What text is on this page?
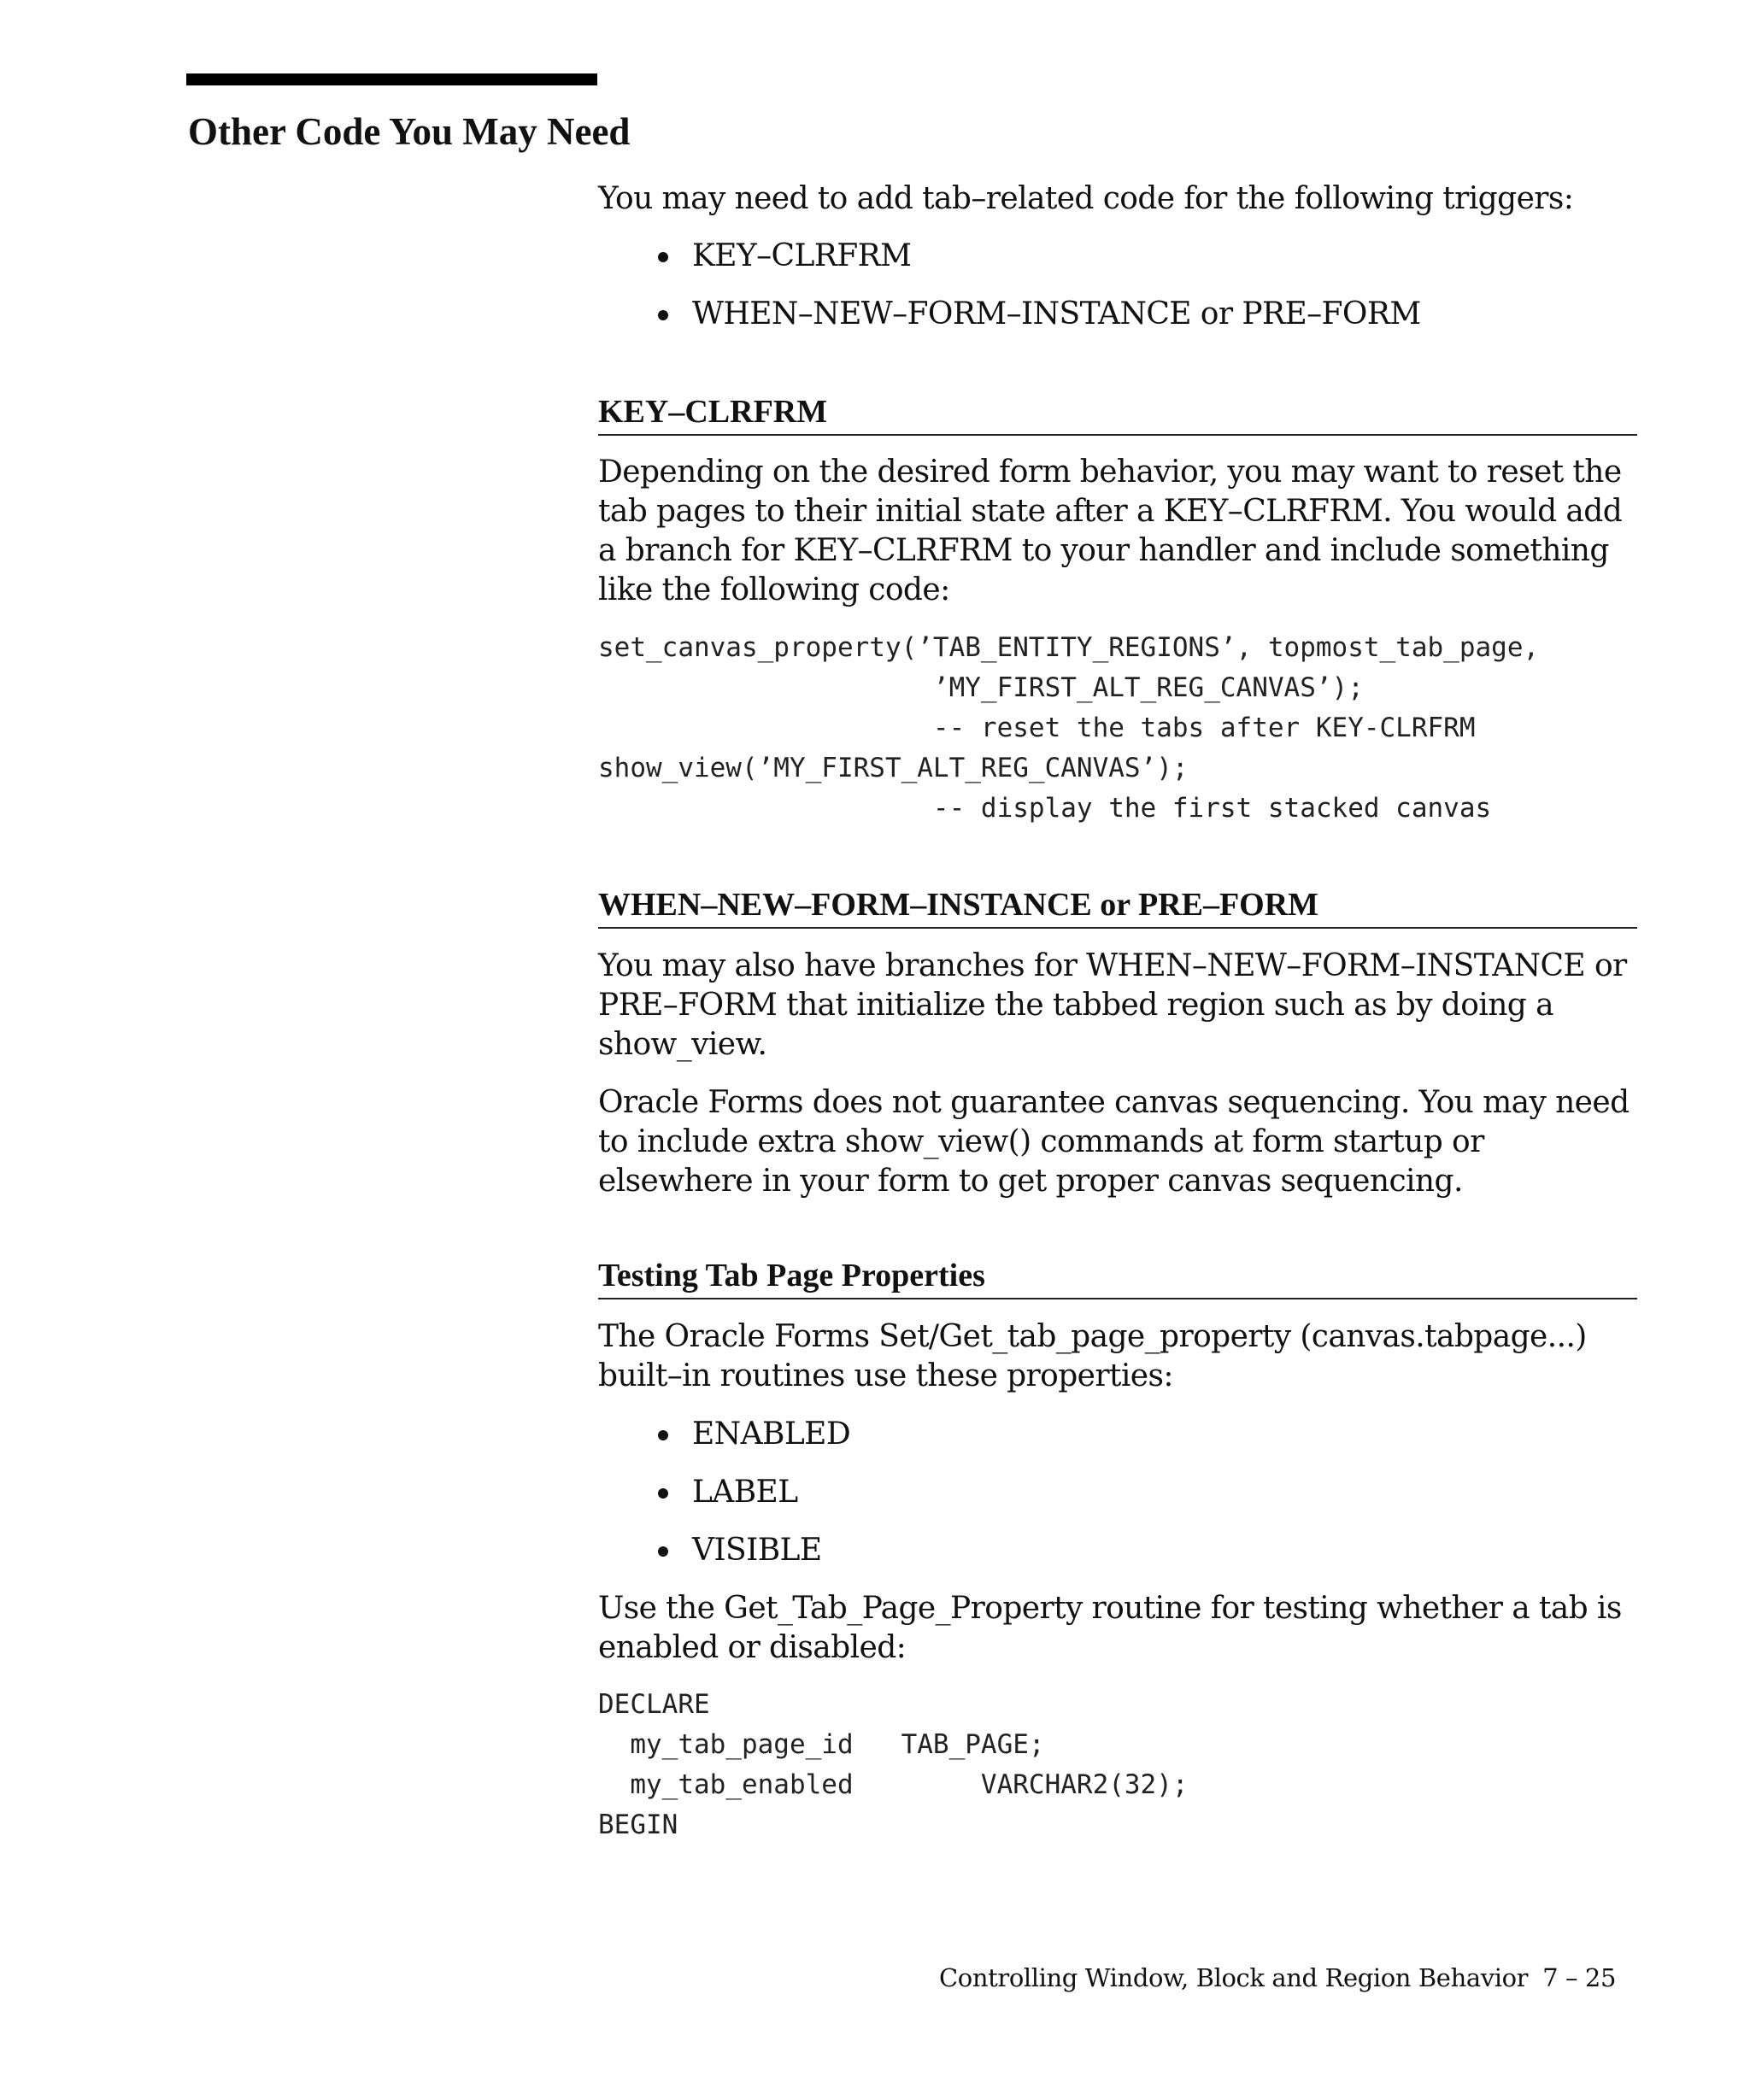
Other Code You May Need

You may need to add tab–related code for the following triggers:

KEY–CLRFRM
WHEN–NEW–FORM–INSTANCE or PRE–FORM
KEY–CLRFRM

Depending on the desired form behavior, you may want to reset the tab pages to their initial state after a KEY–CLRFRM. You would add a branch for KEY–CLRFRM to your handler and include something like the following code:

set_canvas_property(’TAB_ENTITY_REGIONS’, topmost_tab_page,
’MY_FIRST_ALT_REG_CANVAS’);
-- reset the tabs after KEY-CLRFRM
show_view(’MY_FIRST_ALT_REG_CANVAS’);
-- display the first stacked canvas
WHEN–NEW–FORM–INSTANCE or PRE–FORM

You may also have branches for WHEN–NEW–FORM–INSTANCE or PRE–FORM that initialize the tabbed region such as by doing a show_view.

Oracle Forms does not guarantee canvas sequencing. You may need to include extra show_view() commands at form startup or elsewhere in your form to get proper canvas sequencing.

Testing Tab Page Properties

The Oracle Forms Set/Get_tab_page_property (canvas.tabpage...) built–in routines use these properties:

ENABLED
LABEL
VISIBLE

Use the Get_Tab_Page_Property routine for testing whether a tab is enabled or disabled:

DECLARE
my_tab_page_id   TAB_PAGE;
my_tab_enabled        VARCHAR2(32);
BEGIN
Controlling Window, Block and Region Behavior 7 – 25
